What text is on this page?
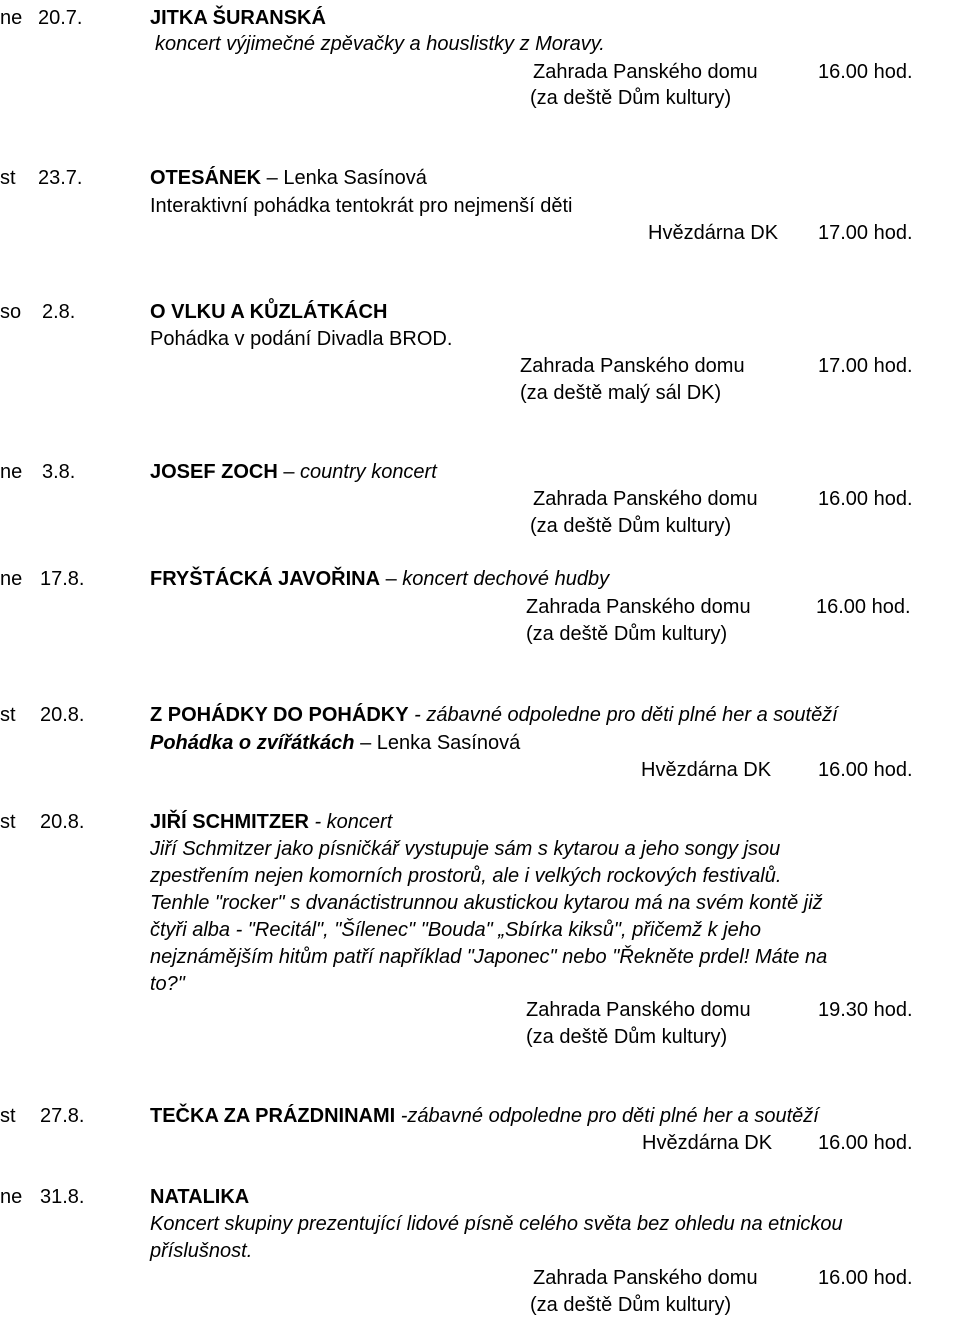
ne 20.7.	JITKA ŠURANSKÁ
koncert výjimečné zpěvačky a houslistky z Moravy.
Zahrada Panského domu	16.00 hod.
(za deště Dům kultury)
st 23.7.	OTESÁNEK – Lenka Sasínová
Interaktivní pohádka tentokrát pro nejmenší děti
Hvězdárna DK 17.00 hod.
so 2.8.	O VLKU A KŮZLÁTKÁCH
Pohádka v podání Divadla BROD.
Zahrada Panského domu	17.00 hod.
(za deště malý sál DK)
ne 3.8.	JOSEF ZOCH – country koncert
Zahrada Panského domu	16.00 hod.
(za deště Dům kultury)
ne 17.8.	FRYŠTÁCKÁ JAVOŘINA – koncert dechové hudby
Zahrada Panského domu	16.00 hod.
(za deště Dům kultury)
st 20.8.	Z POHÁDKY DO POHÁDKY - zábavné odpoledne pro děti plné her a soutěží
Pohádka o zvířátkách – Lenka Sasínová
Hvězdárna DK 16.00 hod.
st 20.8.	JIŘÍ SCHMITZER - koncert
Jiří Schmitzer jako písničkář vystupuje sám s kytarou a jeho songy jsou
zpestřením nejen komorních prostorů, ale i velkých rockových festivalů.
Tenhle "rocker" s dvanáctistrunnou akustickou kytarou má na svém kontě již
čtyři alba - "Recitál", "Šílenec" "Bouda" „Sbírka kiksů", přičemž k jeho
nejznámějším hitům patří například "Japonec" nebo "Řekněte prdel! Máte na
to?"
Zahrada Panského domu	19.30 hod.
(za deště Dům kultury)
st 27.8.	TEČKA ZA PRÁZDNINAMI -zábavné odpoledne pro děti plné her a soutěží
Hvězdárna DK 16.00 hod.
ne 31.8.	NATALIKA
Koncert skupiny prezentující lidové písně celého světa bez ohledu na etnickou
příslušnost.
Zahrada Panského domu	16.00 hod.
(za deště Dům kultury)
